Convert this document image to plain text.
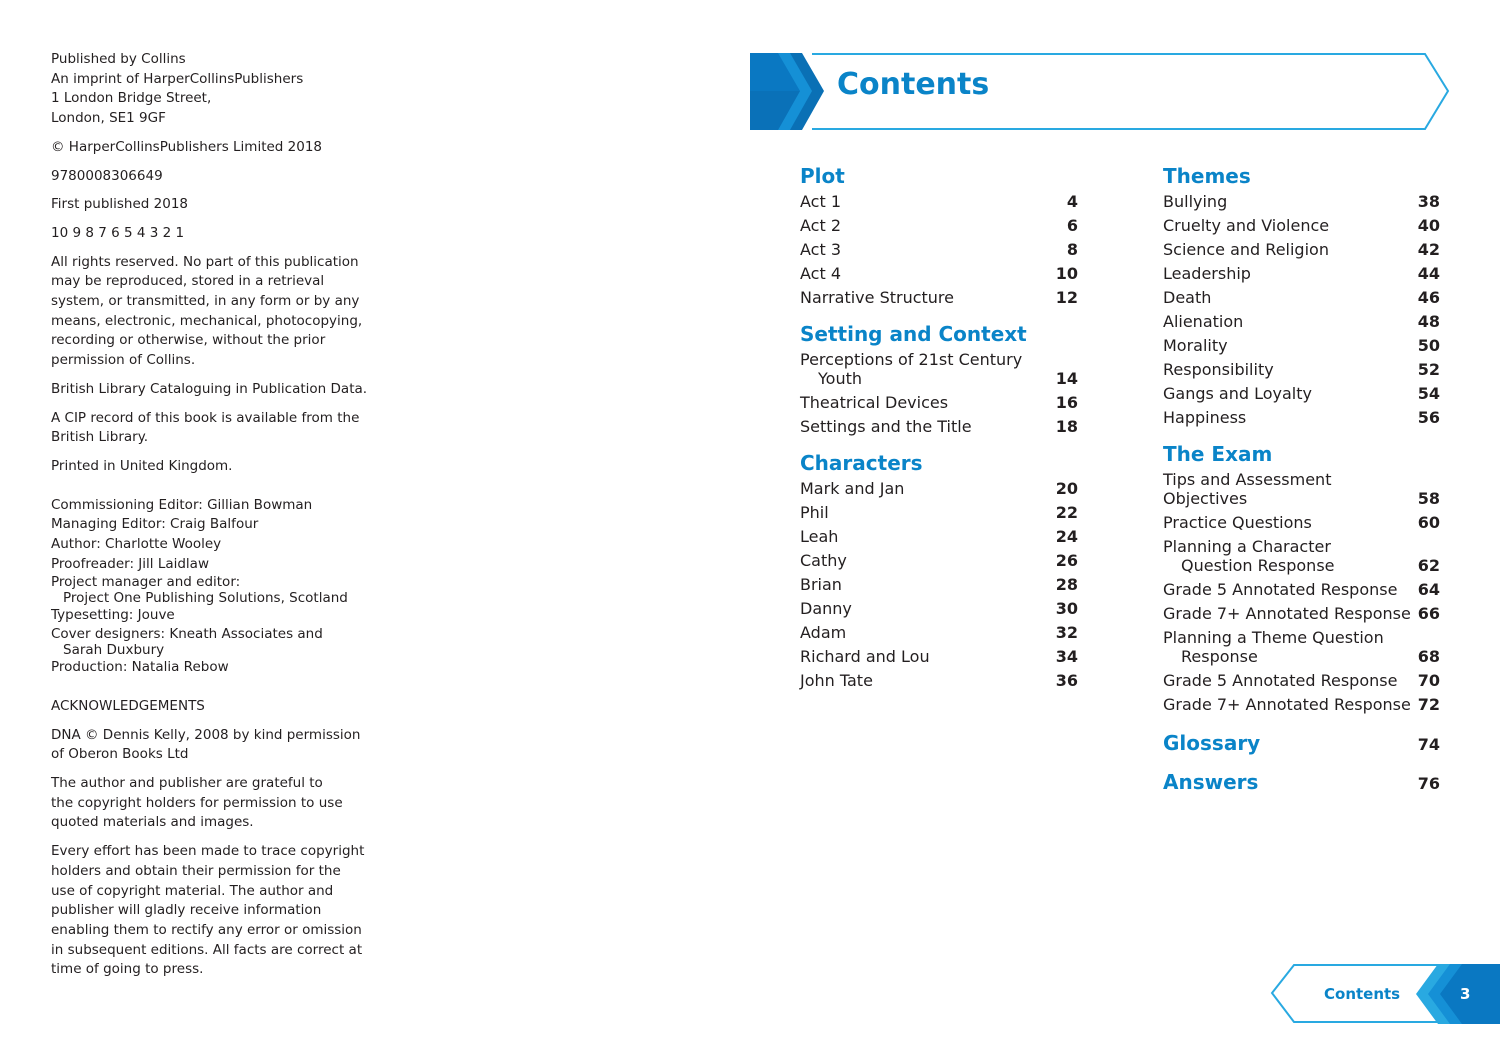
Published by Collins
An imprint of HarperCollinsPublishers
1 London Bridge Street,
London, SE1 9GF

© HarperCollinsPublishers Limited 2018

9780008306649

First published 2018

10 9 8 7 6 5 4 3 2 1

All rights reserved. No part of this publication
may be reproduced, stored in a retrieval
system, or transmitted, in any form or by any
means, electronic, mechanical, photocopying,
recording or otherwise, without the prior
permission of Collins.

British Library Cataloguing in Publication Data.

A CIP record of this book is available from the
British Library.

Printed in United Kingdom.

Commissioning Editor: Gillian Bowman
Managing Editor: Craig Balfour
Author: Charlotte Wooley
Proofreader: Jill Laidlaw
Project manager and editor:
Project One Publishing Solutions, Scotland
Typesetting: Jouve
Cover designers: Kneath Associates and
Sarah Duxbury
Production: Natalia Rebow

ACKNOWLEDGEMENTS

DNA © Dennis Kelly, 2008 by kind permission
of Oberon Books Ltd

The author and publisher are grateful to
the copyright holders for permission to use
quoted materials and images.

Every effort has been made to trace copyright
holders and obtain their permission for the
use of copyright material. The author and
publisher will gladly receive information
enabling them to rectify any error or omission
in subsequent editions. All facts are correct at
time of going to press.

Contents
Plot
Act 1	4
Act 2	6
Act 3	8
Act 4	10
Narrative Structure	12
Setting and Context
Perceptions of 21st Century
Youth	14
Theatrical Devices	16
Settings and the Title	18
Characters
Mark and Jan	20
Phil	22
Leah	24
Cathy	26
Brian	28
Danny	30
Adam	32
Richard and Lou	34
John Tate	36
Themes
Bullying	38
Cruelty and Violence	40
Science and Religion	42
Leadership	44
Death	46
Alienation	48
Morality	50
Responsibility	52
Gangs and Loyalty	54
Happiness	56
The Exam
Tips and Assessment Objectives	58
Practice Questions	60
Planning a Character
Question Response	62
Grade 5 Annotated Response	64
Grade 7+ Annotated Response 66
Planning a Theme Question
Response	68
Grade 5 Annotated Response	70
Grade 7+ Annotated Response 72
Glossary	74
Answers	76
Contents	3
